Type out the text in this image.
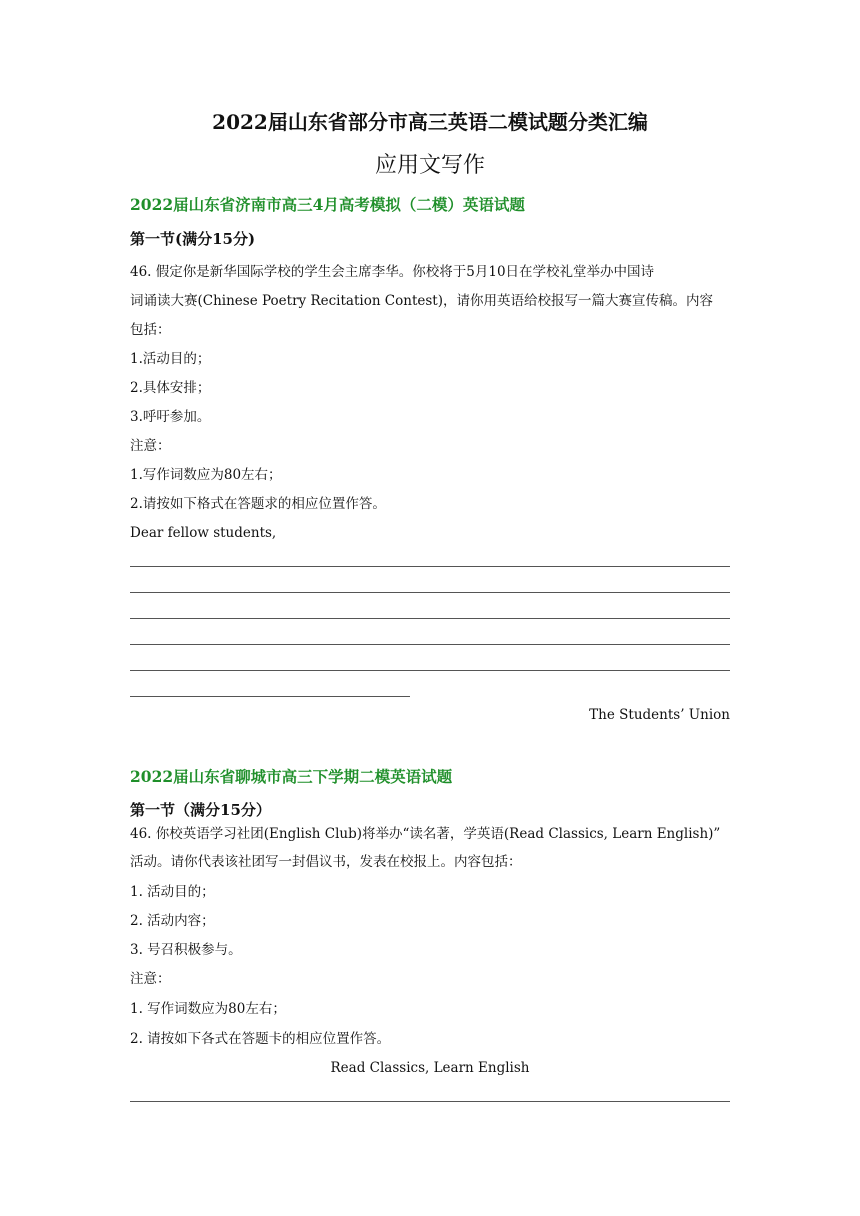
2022届山东省部分市高三英语二模试题分类汇编
应用文写作
2022届山东省济南市高三4月高考模拟（二模）英语试题
第一节(满分15分)
46. 假定你是新华国际学校的学生会主席李华。你校将于5月10日在学校礼堂举办中国诗
词诵读大赛(Chinese Poetry Recitation Contest)，请你用英语给校报写一篇大赛宣传稿。内容
包括：
1.活动目的；
2.具体安排；
3.呼吁参加。
注意：
1.写作词数应为80左右；
2.请按如下格式在答题求的相应位置作答。
Dear fellow students,
The Students’ Union
2022届山东省聊城市高三下学期二模英语试题
第一节（满分15分）
46. 你校英语学习社团(English Club)将举办“读名著，学英语(Read Classics, Learn English)”
活动。请你代表该社团写一封倡议书，发表在校报上。内容包括：
1. 活动目的；
2. 活动内容；
3. 号召积极参与。
注意：
1. 写作词数应为80左右；
2. 请按如下各式在答题卡的相应位置作答。
Read Classics, Learn English
